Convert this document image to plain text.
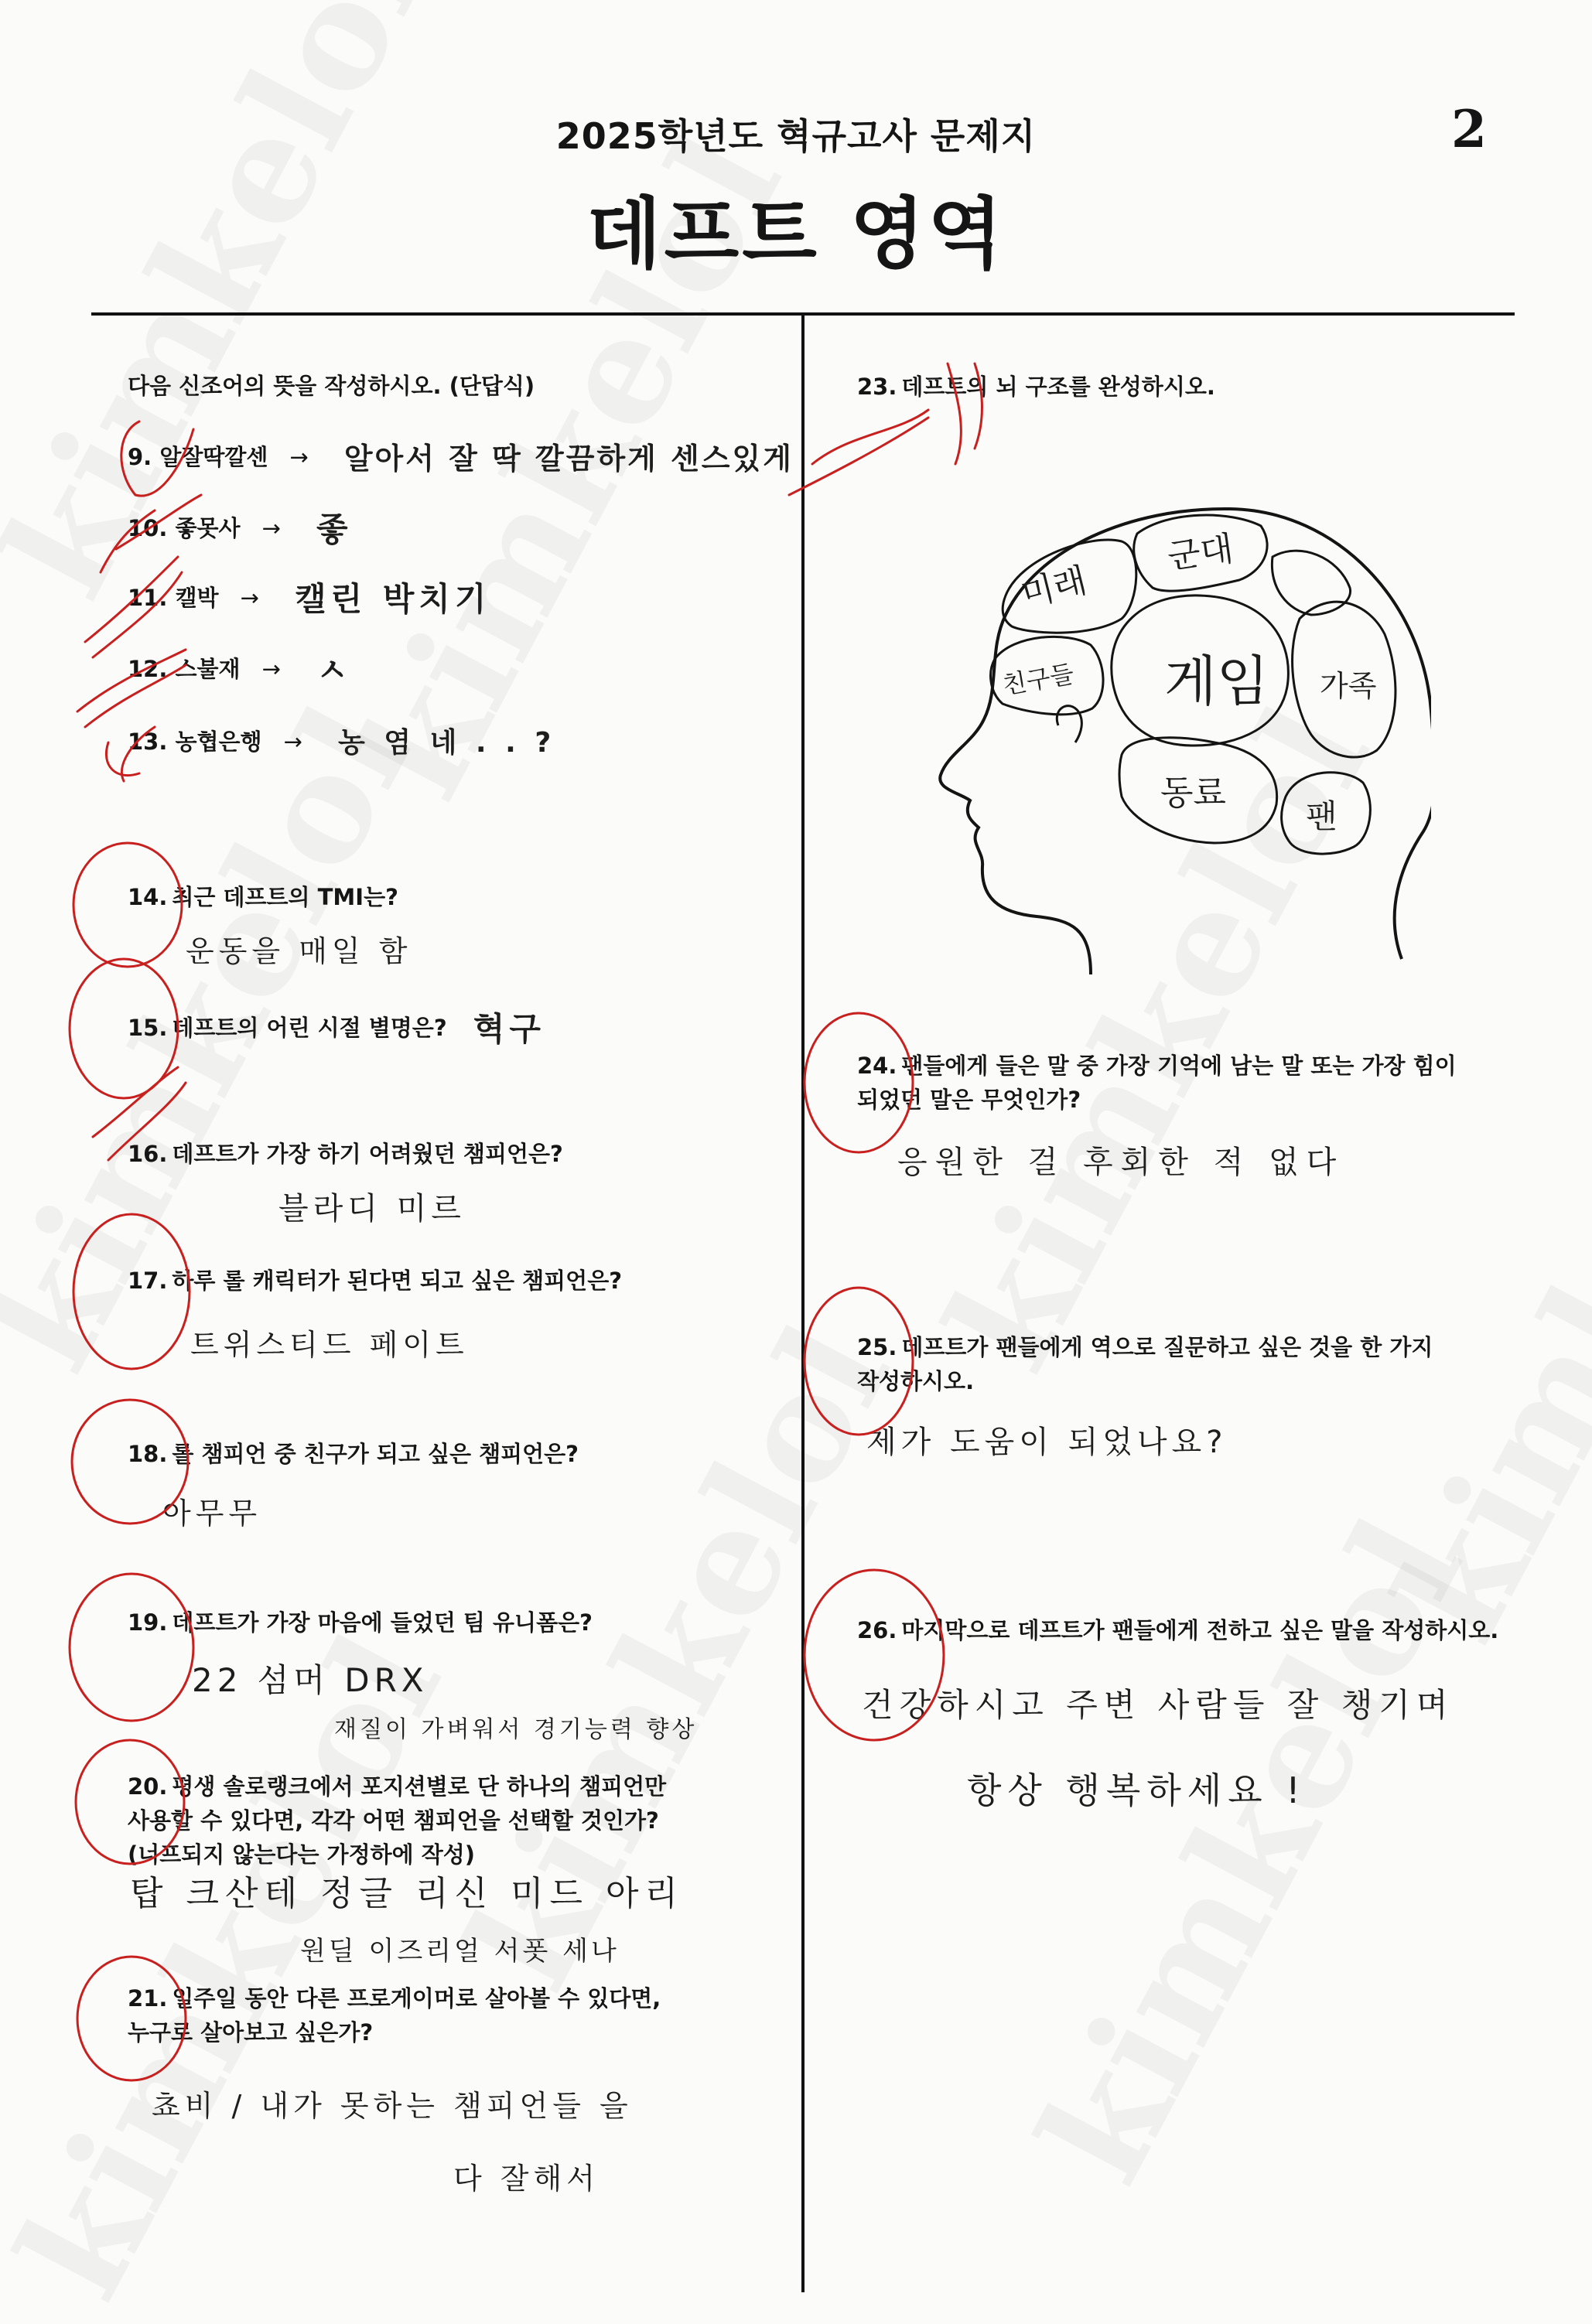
2025학년도 혁규고사 문제지	2
데프트 영역
다음 신조어의 뜻을 작성하시오. (단답식)
9. 알잘딱깔센 → 알아서 잘 딱 깔끔하게 센스있게
10. 좋못사 → 좋
11. 캘박 → 캘린 박치기
12. 스불재 → ㅅ
13. 농협은행 → 농 염 네 . . ?
14. 최근 데프트의 TMI는?
운동을 매일 함
15. 데프트의 어린 시절 별명은? 혁구
16. 데프트가 가장 하기 어려웠던 챔피언은?
블라디 미르
17. 하루 롤 캐릭터가 된다면 되고 싶은 챔피언은?
트위스티드 페이트
18. 롤 챔피언 중 친구가 되고 싶은 챔피언은?
아무무
19. 데프트가 가장 마음에 들었던 팀 유니폼은?
22 섬머 DRX
재질이 가벼워서 경기능력 향상
20. 평생 솔로랭크에서 포지션별로 단 하나의 챔피언만
사용할 수 있다면, 각각 어떤 챔피언을 선택할 것인가?
(너프되지 않는다는 가정하에 작성)
탑 크산테 정글 리신 미드 아리
원딜 이즈리얼 서폿 세나
21. 일주일 동안 다른 프로게이머로 살아볼 수 있다면,
누구로 살아보고 싶은가?
쵸비 / 내가 못하는 챔피언들 을
다 잘해서
23. 데프트의 뇌 구조를 완성하시오.
미래
군대
게임
친구들	가족
동료
팬
24. 팬들에게 들은 말 중 가장 기억에 남는 말 또는 가장 힘이
되었던 말은 무엇인가?
응원한 걸 후회한 적 없다
25. 데프트가 팬들에게 역으로 질문하고 싶은 것을 한 가지
작성하시오.
제가 도움이 되었나요?
26. 마지막으로 데프트가 팬들에게 전하고 싶은 말을 작성하시오.
건강하시고 주변 사람들 잘 챙기며
항상 행복하세요 !
